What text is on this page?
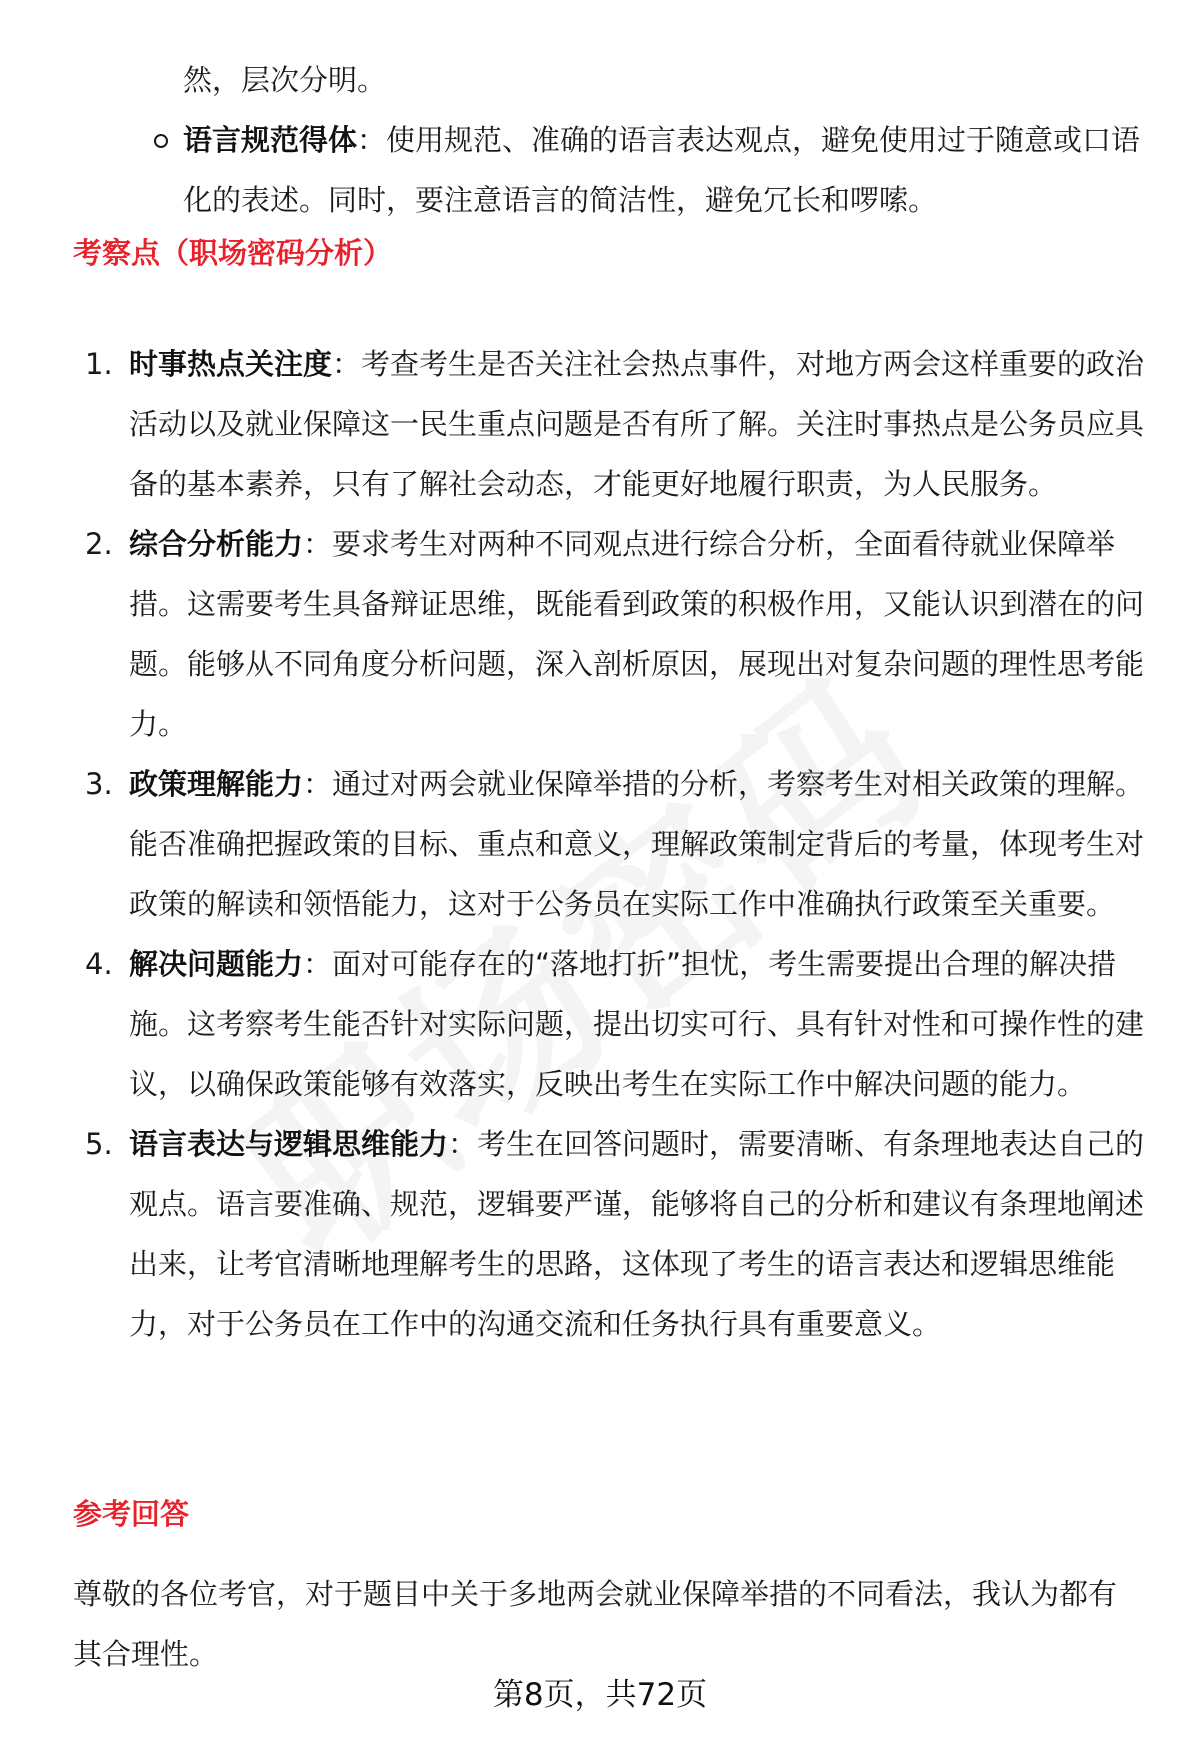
然，层次分明。
语言规范得体：使用规范、准确的语言表达观点，避免使用过于随意或口语化的表述。同时，要注意语言的简洁性，避免冗长和啰嗦。
考察点（职场密码分析）
1. 时事热点关注度：考查考生是否关注社会热点事件，对地方两会这样重要的政治活动以及就业保障这一民生重点问题是否有所了解。关注时事热点是公务员应具备的基本素养，只有了解社会动态，才能更好地履行职责，为人民服务。
2. 综合分析能力：要求考生对两种不同观点进行综合分析，全面看待就业保障举措。这需要考生具备辩证思维，既能看到政策的积极作用，又能认识到潜在的问题。能够从不同角度分析问题，深入剖析原因，展现出对复杂问题的理性思考能力。
3. 政策理解能力：通过对两会就业保障举措的分析，考察考生对相关政策的理解。能否准确把握政策的目标、重点和意义，理解政策制定背后的考量，体现考生对政策的解读和领悟能力，这对于公务员在实际工作中准确执行政策至关重要。
4. 解决问题能力：面对可能存在的“落地打折”担忧，考生需要提出合理的解决措施。这考察考生能否针对实际问题，提出切实可行、具有针对性和可操作性的建议，以确保政策能够有效落实，反映出考生在实际工作中解决问题的能力。
5. 语言表达与逻辑思维能力：考生在回答问题时，需要清晰、有条理地表达自己的观点。语言要准确、规范，逻辑要严谨，能够将自己的分析和建议有条理地阐述出来，让考官清晰地理解考生的思路，这体现了考生的语言表达和逻辑思维能力，对于公务员在工作中的沟通交流和任务执行具有重要意义。
参考回答
尊敬的各位考官，对于题目中关于多地两会就业保障举措的不同看法，我认为都有其合理性。
第8页，共72页
